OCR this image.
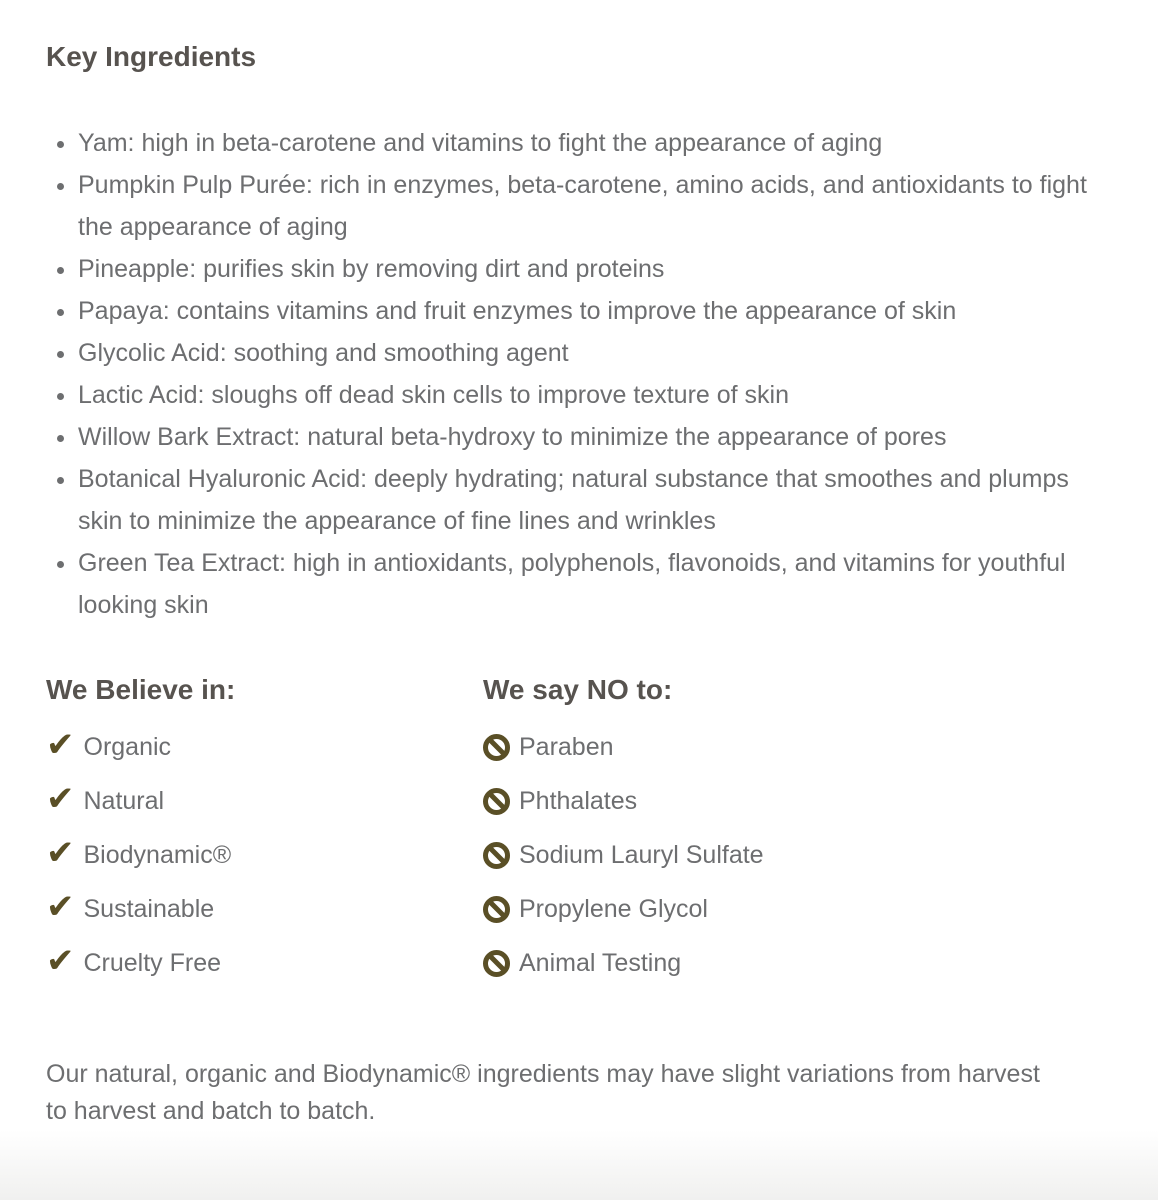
Key Ingredients
• Yam: high in beta-carotene and vitamins to fight the appearance of aging
• Pumpkin Pulp Purée: rich in enzymes, beta-carotene, amino acids, and antioxidants to fight the appearance of aging
• Pineapple: purifies skin by removing dirt and proteins
• Papaya: contains vitamins and fruit enzymes to improve the appearance of skin
• Glycolic Acid: soothing and smoothing agent
• Lactic Acid: sloughs off dead skin cells to improve texture of skin
• Willow Bark Extract: natural beta-hydroxy to minimize the appearance of pores
• Botanical Hyaluronic Acid: deeply hydrating; natural substance that smoothes and plumps skin to minimize the appearance of fine lines and wrinkles
• Green Tea Extract: high in antioxidants, polyphenols, flavonoids, and vitamins for youthful looking skin
We Believe in:
✔ Organic
✔ Natural
✔ Biodynamic®
✔ Sustainable
✔ Cruelty Free
We say NO to:
Paraben
Phthalates
Sodium Lauryl Sulfate
Propylene Glycol
Animal Testing

Our natural, organic and Biodynamic® ingredients may have slight variations from harvest to harvest and batch to batch.
